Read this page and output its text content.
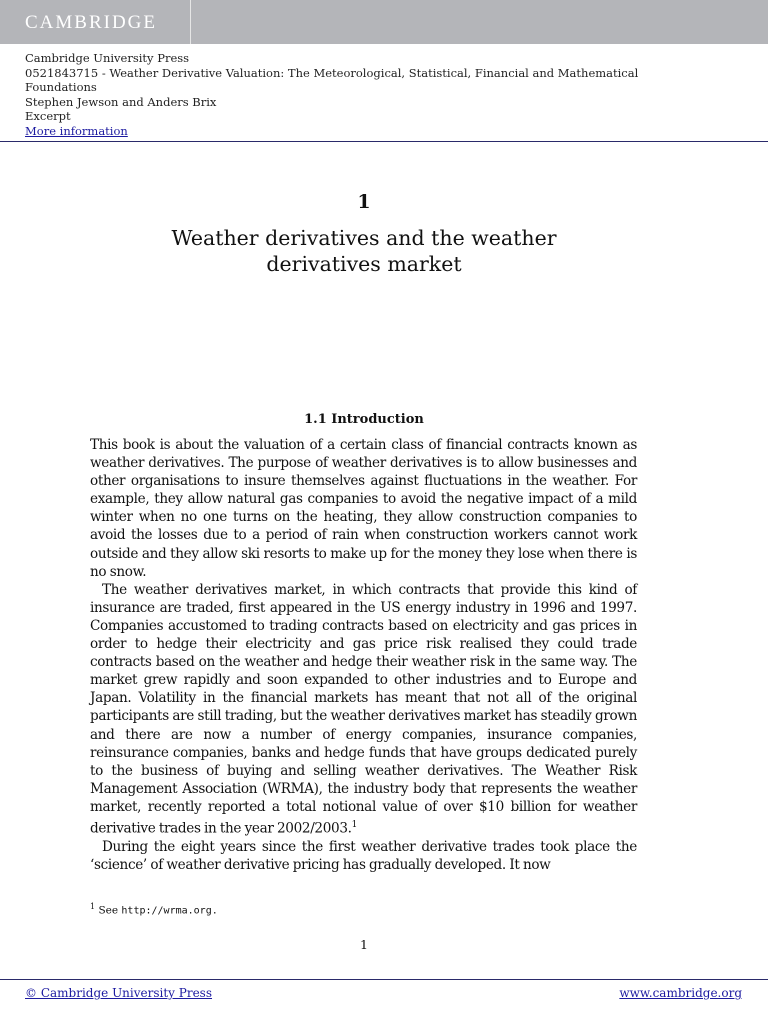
CAMBRIDGE
Cambridge University Press
0521843715 - Weather Derivative Valuation: The Meteorological, Statistical, Financial and Mathematical
Foundations
Stephen Jewson and Anders Brix
Excerpt
More information
1
Weather derivatives and the weather
derivatives market
1.1 Introduction

This book is about the valuation of a certain class of financial contracts known as weather derivatives. The purpose of weather derivatives is to allow businesses and other organisations to insure themselves against fluctuations in the weather. For example, they allow natural gas companies to avoid the negative impact of a mild winter when no one turns on the heating, they allow construction companies to avoid the losses due to a period of rain when construction workers cannot work outside and they allow ski resorts to make up for the money they lose when there is no snow.

The weather derivatives market, in which contracts that provide this kind of insurance are traded, first appeared in the US energy industry in 1996 and 1997. Companies accustomed to trading contracts based on electricity and gas prices in order to hedge their electricity and gas price risk realised they could trade contracts based on the weather and hedge their weather risk in the same way. The market grew rapidly and soon expanded to other industries and to Europe and Japan. Volatility in the financial markets has meant that not all of the original participants are still trading, but the weather derivatives market has steadily grown and there are now a number of energy companies, insurance companies, reinsurance companies, banks and hedge funds that have groups dedicated purely to the business of buying and selling weather derivatives. The Weather Risk Management Association (WRMA), the industry body that represents the weather market, recently reported a total notional value of over $10 billion for weather derivative trades in the year 2002/2003.$^1$

During the eight years since the first weather derivative trades took place the ‘science’ of weather derivative pricing has gradually developed. It now

$^1$ See http://wrma.org.
1
© Cambridge University Press	www.cambridge.org
